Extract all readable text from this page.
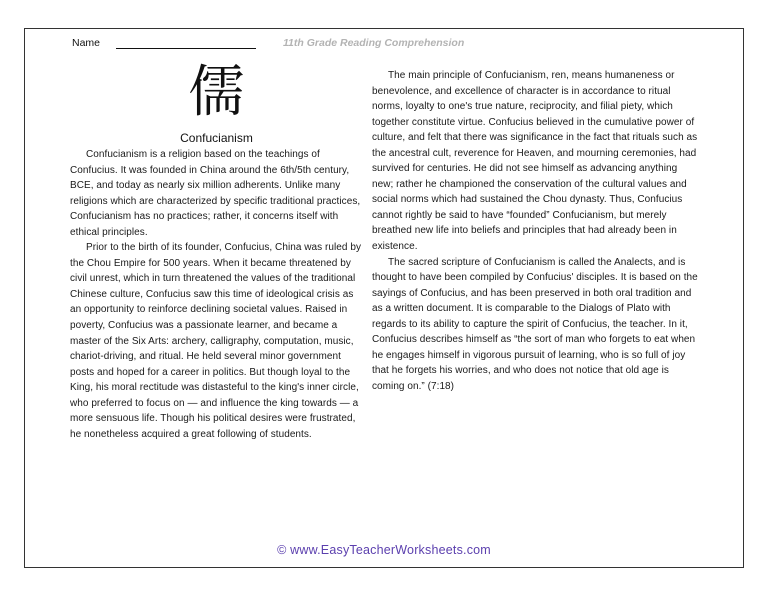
Name	11th Grade Reading Comprehension
儒
Confucianism

Confucianism is a religion based on the teachings of Confucius. It was founded in China around the 6th/5th century, BCE, and today as nearly six million adherents. Unlike many religions which are characterized by specific traditional practices, Confucianism has no practices; rather, it concerns itself with ethical principles.

Prior to the birth of its founder, Confucius, China was ruled by the Chou Empire for 500 years. When it became threatened by civil unrest, which in turn threatened the values of the traditional Chinese culture, Confucius saw this time of ideological crisis as an opportunity to reinforce declining societal values. Raised in poverty, Confucius was a passionate learner, and became a master of the Six Arts: archery, calligraphy, computation, music, chariot-driving, and ritual. He held several minor government posts and hoped for a career in politics. But though loyal to the King, his moral rectitude was distasteful to the king's inner circle, who preferred to focus on — and influence the king towards — a more sensuous life. Though his political desires were frustrated, he nonetheless acquired a great following of students.

The main principle of Confucianism, ren, means humaneness or benevolence, and excellence of character is in accordance to ritual norms, loyalty to one's true nature, reciprocity, and filial piety, which together constitute virtue. Confucius believed in the cumulative power of culture, and felt that there was significance in the fact that rituals such as the ancestral cult, reverence for Heaven, and mourning ceremonies, had survived for centuries. He did not see himself as advancing anything new; rather he championed the conservation of the cultural values and social norms which had sustained the Chou dynasty. Thus, Confucius cannot rightly be said to have “founded” Confucianism, but merely breathed new life into beliefs and principles that had already been in existence.

The sacred scripture of Confucianism is called the Analects, and is thought to have been compiled by Confucius' disciples. It is based on the sayings of Confucius, and has been preserved in both oral tradition and as a written document. It is comparable to the Dialogs of Plato with regards to its ability to capture the spirit of Confucius, the teacher. In it, Confucius describes himself as “the sort of man who forgets to eat when he engages himself in vigorous pursuit of learning, who is so full of joy that he forgets his worries, and who does not notice that old age is coming on.” (7:18)

© www.EasyTeacherWorksheets.com
